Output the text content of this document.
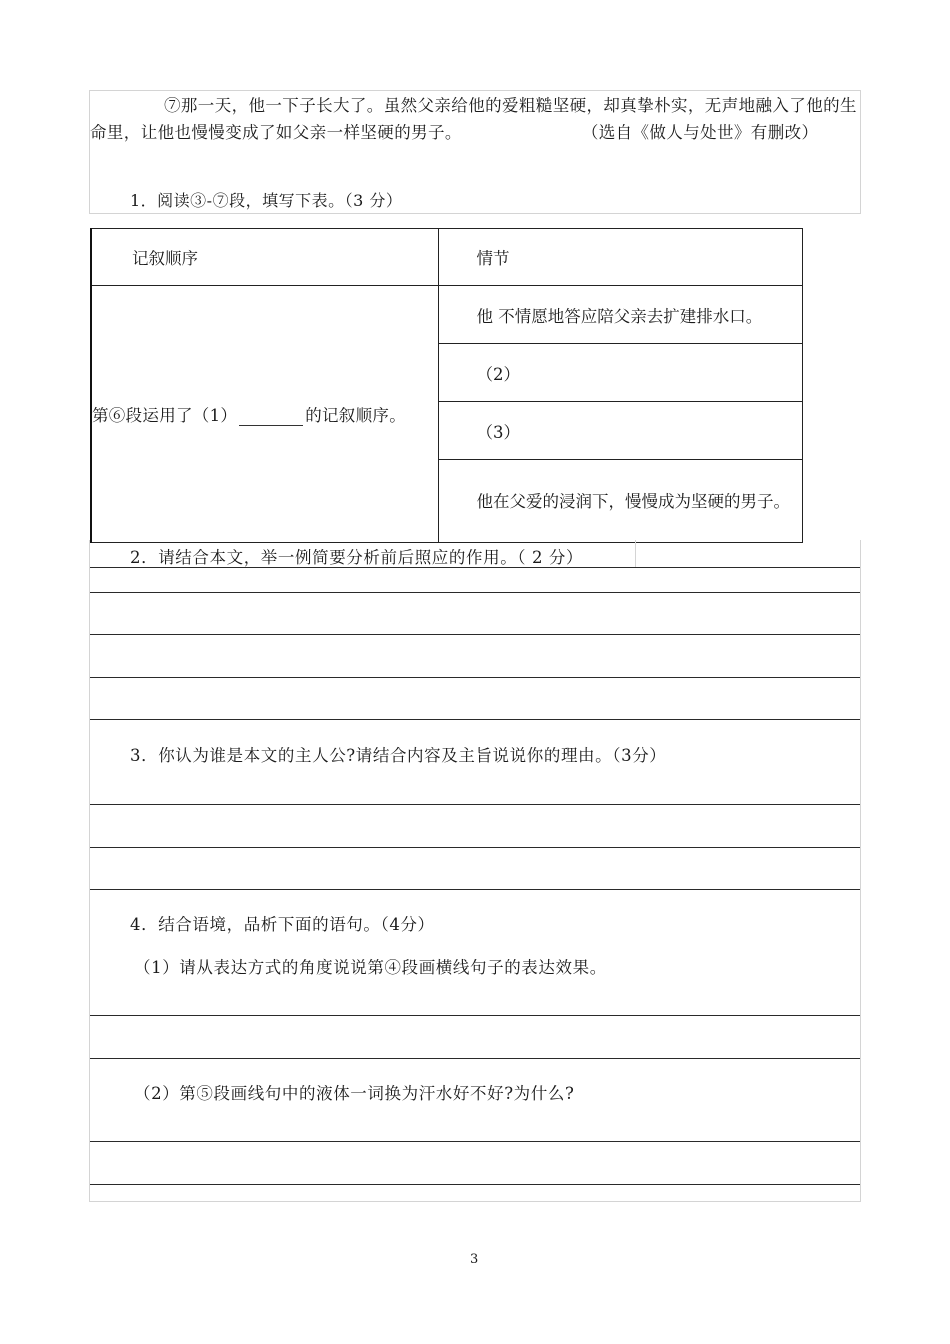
⑦那一天，他一下子长大了。虽然父亲给他的爱粗糙坚硬，却真挚朴实，无声地融入了他的生命里，让他也慢慢变成了如父亲一样坚硬的男子。	（选自《做人与处世》有删改）
1．阅读③-⑦段，填写下表。（3 分）
记叙顺序	情节
第⑥段运用了（1） 的记叙顺序。	他 不情愿地答应陪父亲去扩建排水口。
	（2）
	（3）
	他在父爱的浸润下，慢慢成为坚硬的男子。
2．请结合本文，举一例简要分析前后照应的作用。（ 2 分）
3．你认为谁是本文的主人公?请结合内容及主旨说说你的理由。（3分）
4．结合语境，品析下面的语句。（4分）
（1）请从表达方式的角度说说第④段画横线句子的表达效果。
（2）第⑤段画线句中的液体一词换为汗水好不好?为什么?
3
